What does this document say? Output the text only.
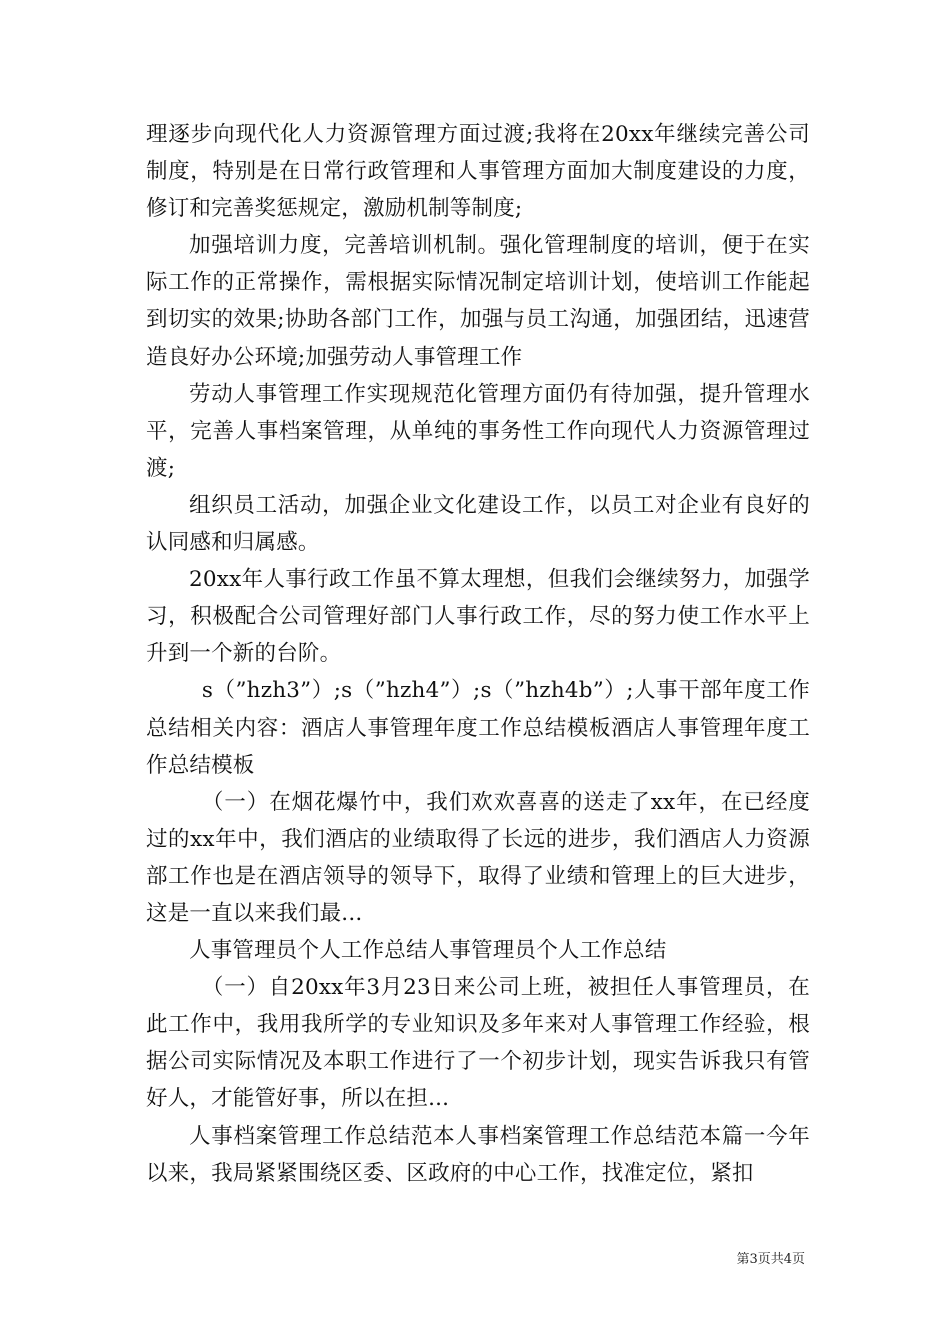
理逐步向现代化人力资源管理方面过渡;我将在20xx年继续完善公司制度，特别是在日常行政管理和人事管理方面加大制度建设的力度，修订和完善奖惩规定，激励机制等制度;

加强培训力度，完善培训机制。强化管理制度的培训，便于在实际工作的正常操作，需根据实际情况制定培训计划，使培训工作能起到切实的效果;协助各部门工作，加强与员工沟通，加强团结，迅速营造良好办公环境;加强劳动人事管理工作

劳动人事管理工作实现规范化管理方面仍有待加强，提升管理水平，完善人事档案管理，从单纯的事务性工作向现代人力资源管理过渡;

组织员工活动，加强企业文化建设工作，以员工对企业有良好的认同感和归属感。

20xx年人事行政工作虽不算太理想，但我们会继续努力，加强学习，积极配合公司管理好部门人事行政工作，尽的努力使工作水平上升到一个新的台阶。

s（”hzh3”）;s（”hzh4”）;s（”hzh4b”）;人事干部年度工作总结相关内容：酒店人事管理年度工作总结模板酒店人事管理年度工作总结模板

（一）在烟花爆竹中，我们欢欢喜喜的送走了xx年，在已经度过的xx年中，我们酒店的业绩取得了长远的进步，我们酒店人力资源部工作也是在酒店领导的领导下，取得了业绩和管理上的巨大进步，这是一直以来我们最...

人事管理员个人工作总结人事管理员个人工作总结

（一）自20xx年3月23日来公司上班，被担任人事管理员，在此工作中，我用我所学的专业知识及多年来对人事管理工作经验，根据公司实际情况及本职工作进行了一个初步计划，现实告诉我只有管好人，才能管好事，所以在担...

人事档案管理工作总结范本人事档案管理工作总结范本篇一今年以来，我局紧紧围绕区委、区政府的中心工作，找准定位，紧扣

第3页共4页
